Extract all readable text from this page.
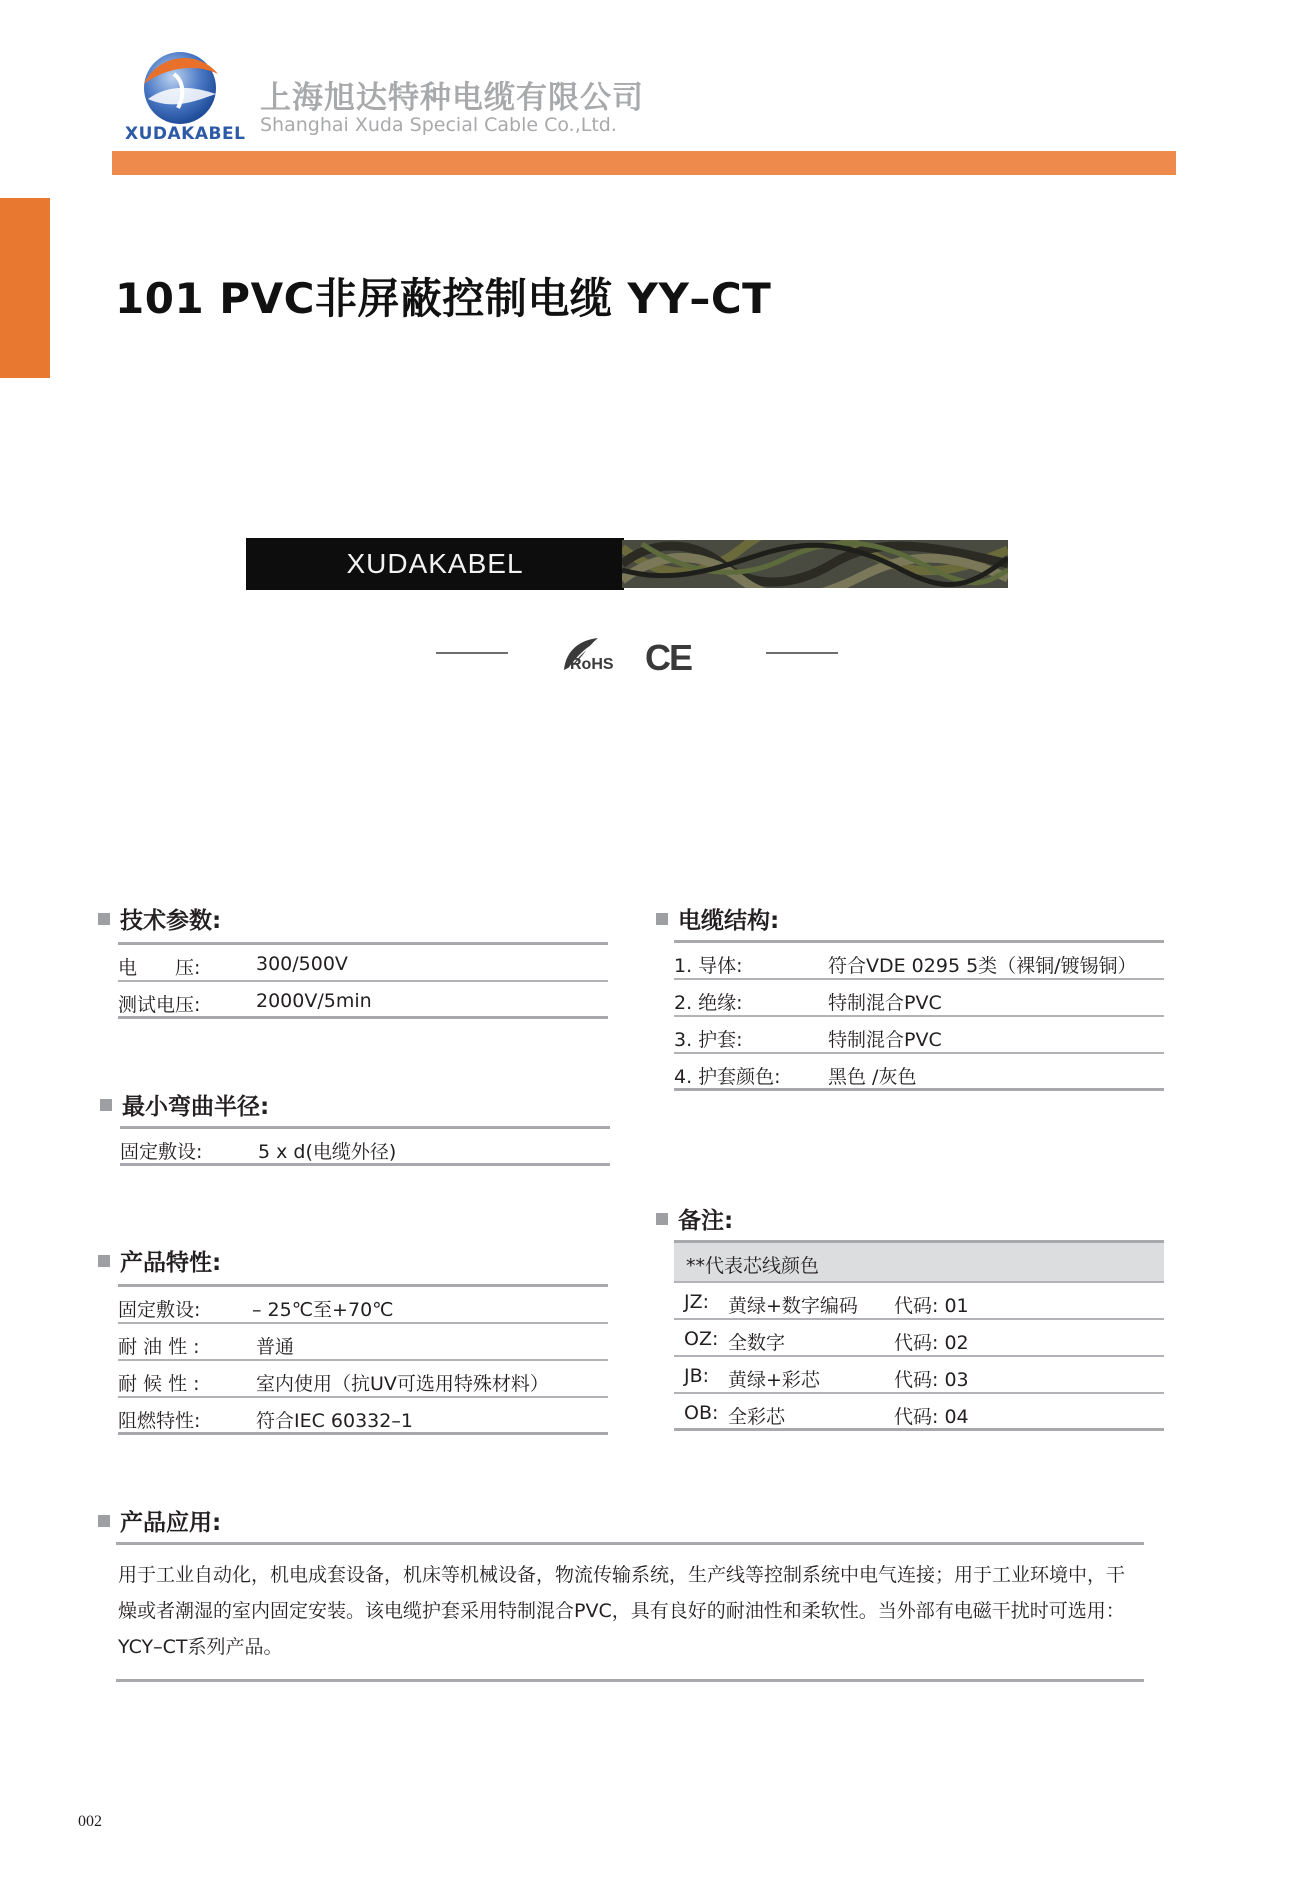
XUDAKABEL
上海旭达特种电缆有限公司
Shanghai Xuda Special Cable Co.,Ltd.
101 PVC非屏蔽控制电缆 YY–CT
XUDAKABEL
RoHS CE
技术参数:
电　　压:	300/500V
测试电压:	2000V/5min
最小弯曲半径:
固定敷设:	5 x d(电缆外径)
产品特性:
固定敷设:	– 25℃至+70℃
耐 油 性 :	普通
耐 候 性 :	室内使用（抗UV可选用特殊材料）
阻燃特性:	符合IEC 60332–1
电缆结构:
1. 导体:	符合VDE 0295 5类（裸铜/镀锡铜）
2. 绝缘:	特制混合PVC
3. 护套:	特制混合PVC
4. 护套颜色: 黑色 /灰色
备注:
**代表芯线颜色
JZ: 黄绿+数字编码 代码: 01
OZ: 全数字	代码: 02
JB: 黄绿+彩芯	代码: 03
OB: 全彩芯	代码: 04
产品应用:
用于工业自动化，机电成套设备，机床等机械设备，物流传输系统，生产线等控制系统中电气连接；用于工业环境中，干燥或者潮湿的室内固定安装。该电缆护套采用特制混合PVC，具有良好的耐油性和柔软性。当外部有电磁干扰时可选用：YCY–CT系列产品。
002
